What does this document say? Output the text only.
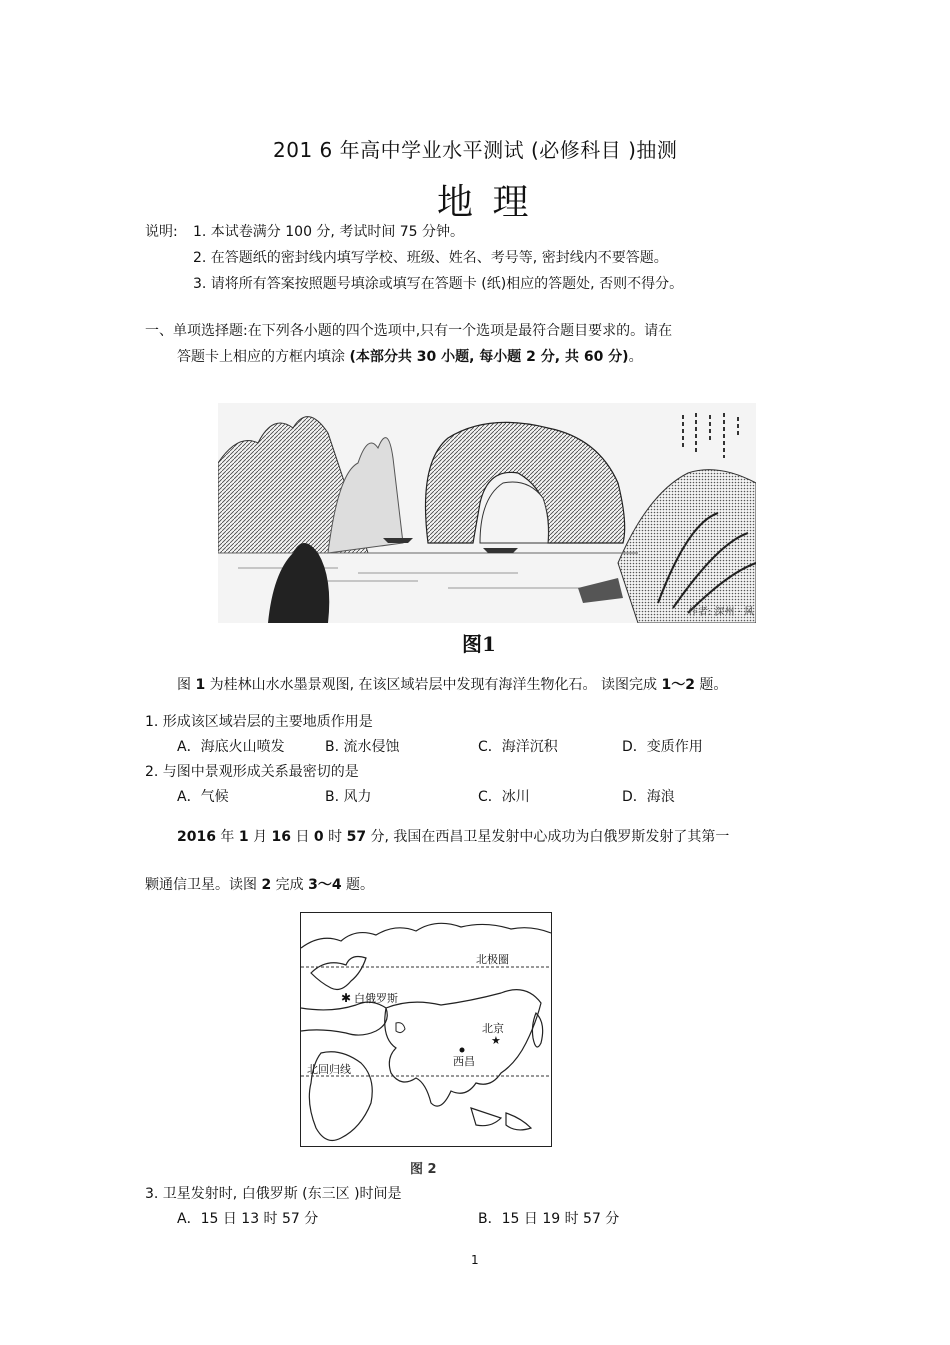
201 6 年高中学业水平测试 (必修科目 )抽测
地 理
说明: 1. 本试卷满分 100 分, 考试时间 75 分钟。
2. 在答题纸的密封线内填写学校、班级、姓名、考号等, 密封线内不要答题。
3. 请将所有答案按照题号填涂或填写在答题卡 (纸)相应的答题处, 否则不得分。
一、单项选择题:在下列各小题的四个选项中,只有一个选项是最符合题目要求的。请在
答题卡上相应的方框内填涂 (本部分共 30 小题, 每小题 2 分, 共 60 分)。
作者: 深州 · 风
图1
图 1 为桂林山水水墨景观图, 在该区域岩层中发现有海洋生物化石。 读图完成 1～2 题。
1. 形成该区域岩层的主要地质作用是
A．海底火山喷发	B. 流水侵蚀	C．海洋沉积	D．变质作用
2. 与图中景观形成关系最密切的是
A．气候	B. 风力	C．冰川	D．海浪
2016 年 1 月 16 日 0 时 57 分, 我国在西昌卫星发射中心成功为白俄罗斯发射了其第一
颗通信卫星。读图 2 完成 3～4 题。
✱
★
北极圈
白俄罗斯
北京
西昌
北回归线
图 2
3. 卫星发射时, 白俄罗斯 (东三区 )时间是
A．15 日 13 时 57 分	B．15 日 19 时 57 分
1
